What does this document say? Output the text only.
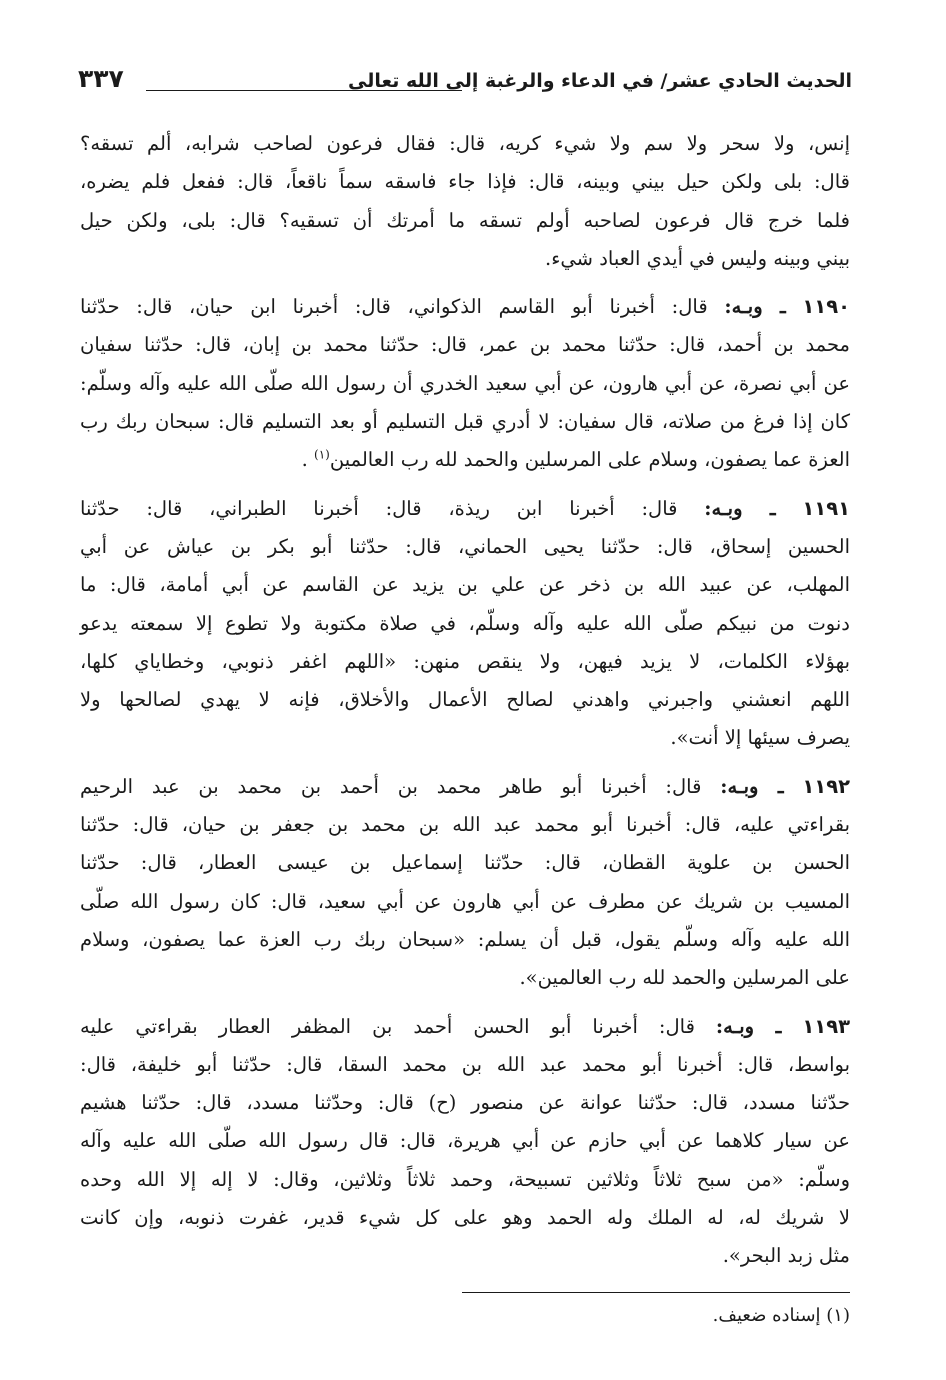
الحديث الحادي عشر/ في الدعاء والرغبة إلى الله تعالى
٣٣٧
إنس، ولا سحر ولا سم ولا شيء كريه، قال: فقال فرعون لصاحب شرابه، ألم تسقه؟
قال: بلى ولكن حيل بيني وبينه، قال: فإذا جاء فاسقه سماً ناقعاً، قال: ففعل فلم يضره،
فلما خرج قال فرعون لصاحبه أولم تسقه ما أمرتك أن تسقيه؟ قال: بلى، ولكن حيل
بيني وبينه وليس في أيدي العباد شيء.
١١٩٠ ـ وبـه: قال: أخبرنا أبو القاسم الذكواني، قال: أخبرنا ابن حيان، قال: حدّثنا
محمد بن أحمد، قال: حدّثنا محمد بن عمر، قال: حدّثنا محمد بن إبان، قال: حدّثنا سفيان
عن أبي نصرة، عن أبي هارون، عن أبي سعيد الخدري أن رسول الله صلّى الله عليه وآله وسلّم:
كان إذا فرغ من صلاته، قال سفيان: لا أدري قبل التسليم أو بعد التسليم قال: سبحان ربك رب
العزة عما يصفون، وسلام على المرسلين والحمد لله رب العالمين$^{(١)}$ .
١١٩١ ـ وبـه: قال: أخبرنا ابن ريذة، قال: أخبرنا الطبراني، قال: حدّثنا
الحسين إسحاق، قال: حدّثنا يحيى الحماني، قال: حدّثنا أبو بكر بن عياش عن أبي
المهلب، عن عبيد الله بن ذخر عن علي بن يزيد عن القاسم عن أبي أمامة، قال: ما
دنوت من نبيكم صلّى الله عليه وآله وسلّم، في صلاة مكتوبة ولا تطوع إلا سمعته يدعو
بهؤلاء الكلمات، لا يزيد فيهن، ولا ينقص منهن: «اللهم اغفر ذنوبي، وخطاياي كلها،
اللهم انعشني واجبرني واهدني لصالح الأعمال والأخلاق، فإنه لا يهدي لصالحها ولا
يصرف سيئها إلا أنت».
١١٩٢ ـ وبـه: قال: أخبرنا أبو طاهر محمد بن أحمد بن محمد بن عبد الرحيم
بقراءتي عليه، قال: أخبرنا أبو محمد عبد الله بن محمد بن جعفر بن حيان، قال: حدّثنا
الحسن بن علوية القطان، قال: حدّثنا إسماعيل بن عيسى العطار، قال: حدّثنا
المسيب بن شريك عن مطرف عن أبي هارون عن أبي سعيد، قال: كان رسول الله صلّى
الله عليه وآله وسلّم يقول، قبل أن يسلم: «سبحان ربك رب العزة عما يصفون، وسلام
على المرسلين والحمد لله رب العالمين».
١١٩٣ ـ وبـه: قال: أخبرنا أبو الحسن أحمد بن المظفر العطار بقراءتي عليه
بواسط، قال: أخبرنا أبو محمد عبد الله بن محمد السقا، قال: حدّثنا أبو خليفة، قال:
حدّثنا مسدد، قال: حدّثنا عوانة عن منصور (ح) قال: وحدّثنا مسدد، قال: حدّثنا هشيم
عن سيار كلاهما عن أبي حازم عن أبي هريرة، قال: قال رسول الله صلّى الله عليه وآله
وسلّم: «من سبح ثلاثاً وثلاثين تسبيحة، وحمد ثلاثاً وثلاثين، وقال: لا إله إلا الله وحده
لا شريك له، له الملك وله الحمد وهو على كل شيء قدير، غفرت ذنوبه، وإن كانت
مثل زبد البحر».
(١) إسناده ضعيف.
